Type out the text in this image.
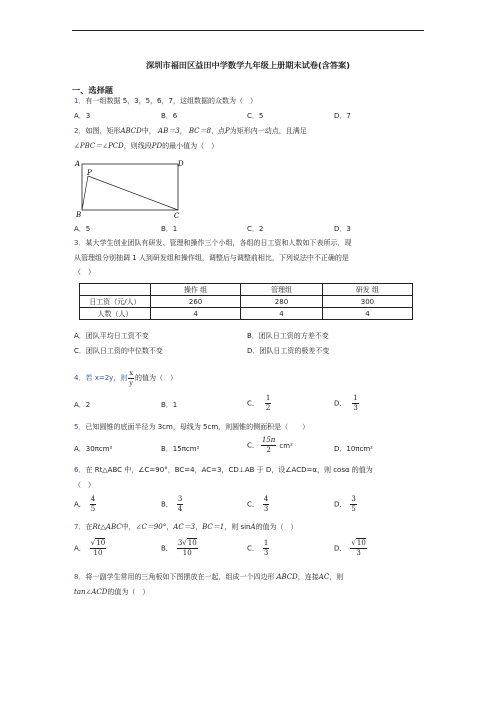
深圳市福田区益田中学数学九年级上册期末试卷(含答案)
一、选择题
1．有一组数据 5，3，5，6，7，这组数据的众数为（　）
A．3	B．6	C．5	D．7
2．如图，矩形ABCD中， AB＝3， BC＝8，点P为矩形内一动点，且满足
∠PBC＝∠PCD，则线段PD的最小值为（　）
A	D
P
B	C
A．5	B．1	C．2	D．3
3．某大学生创业团队有研发、管理和操作三个小组，各组的日工资和人数如下表所示．现
从管理组分别抽调 1 人到研发组和操作组，调整后与调整前相比，下列说法中不正确的是
（　）
	操作 组	管理组	研发 组
日工资（元/人）	260	280	300
人数（人）	4	4	4
A．团队平均日工资不变	B．团队日工资的方差不变
C．团队日工资的中位数不变	D．团队日工资的极差不变
4．若 x=2y，则 $\frac{x}{y}$ 的值为（　）
A．2	B．1	C． $\frac{1}{2}$	D． $\frac{1}{3}$
5．已知圆锥的底面半径为 3cm，母线为 5cm，则圆锥的侧面积是（　　）
A．30πcm²	B．15πcm²	C． $\frac{15\pi}{2} cm^2$	D．10πcm²
6．在 Rt△ABC 中，∠C=90°，BC=4，AC=3，CD⊥AB 于 D，设∠ACD=α，则 cosα 的值为
（　）
A． $\frac{4}{5}$	B． $\frac{3}{4}$	C． $\frac{4}{3}$	D． $\frac{3}{5}$
7．在Rt△ABC中，∠C＝90°，AC＝3，BC＝1，则 sinA的值为（　）
A． $\frac{√10}{10}$	B． $\frac{3√10}{10}$	C． $\frac{1}{3}$	D． $\frac{√10}{3}$
8．将一副学生常用的三角板如下图摆放在一起，组成一个四边形 ABCD，连接AC，则
tan∠ACD的值为（　）
